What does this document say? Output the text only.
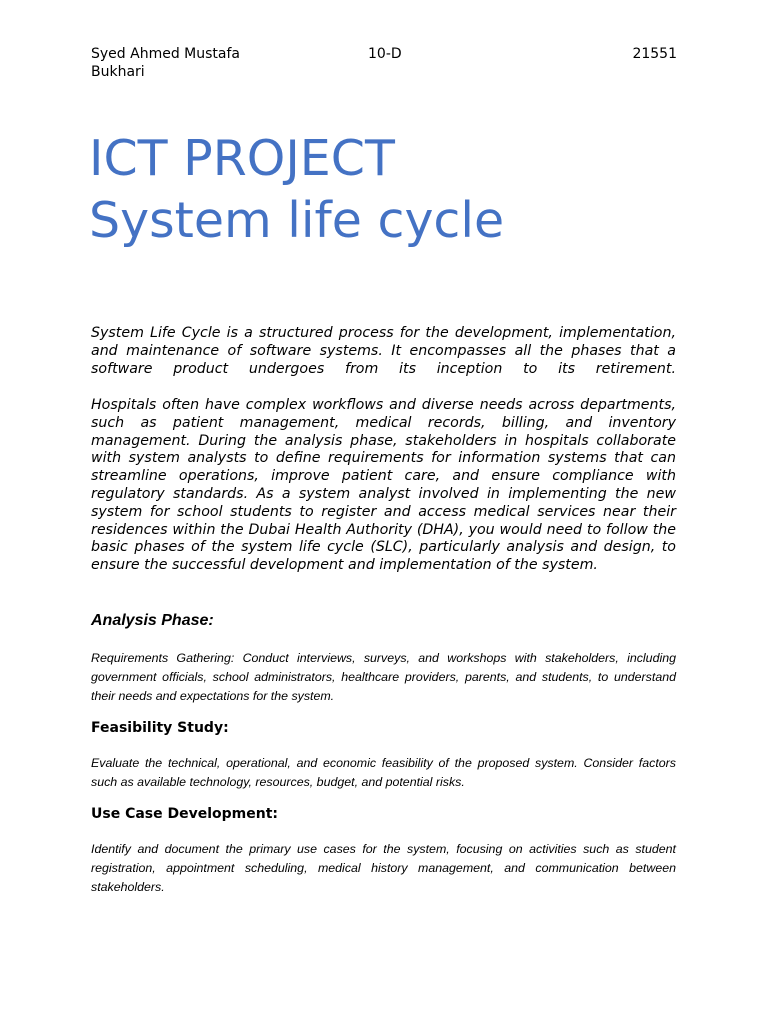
Syed Ahmed Mustafa Bukhari
10-D	21551
ICT PROJECT
System life cycle

System Life Cycle is a structured process for the development, implementation, and maintenance of software systems. It encompasses all the phases that a software product undergoes from its inception to its retirement.

Hospitals often have complex workflows and diverse needs across departments, such as patient management, medical records, billing, and inventory management. During the analysis phase, stakeholders in hospitals collaborate with system analysts to define requirements for information systems that can streamline operations, improve patient care, and ensure compliance with regulatory standards. As a system analyst involved in implementing the new system for school students to register and access medical services near their residences within the Dubai Health Authority (DHA), you would need to follow the basic phases of the system life cycle (SLC), particularly analysis and design, to ensure the successful development and implementation of the system.

Analysis Phase:

Requirements Gathering: Conduct interviews, surveys, and workshops with stakeholders, including government officials, school administrators, healthcare providers, parents, and students, to understand their needs and expectations for the system.

Feasibility Study:

Evaluate the technical, operational, and economic feasibility of the proposed system. Consider factors such as available technology, resources, budget, and potential risks.

Use Case Development:

Identify and document the primary use cases for the system, focusing on activities such as student registration, appointment scheduling, medical history management, and communication between stakeholders.
